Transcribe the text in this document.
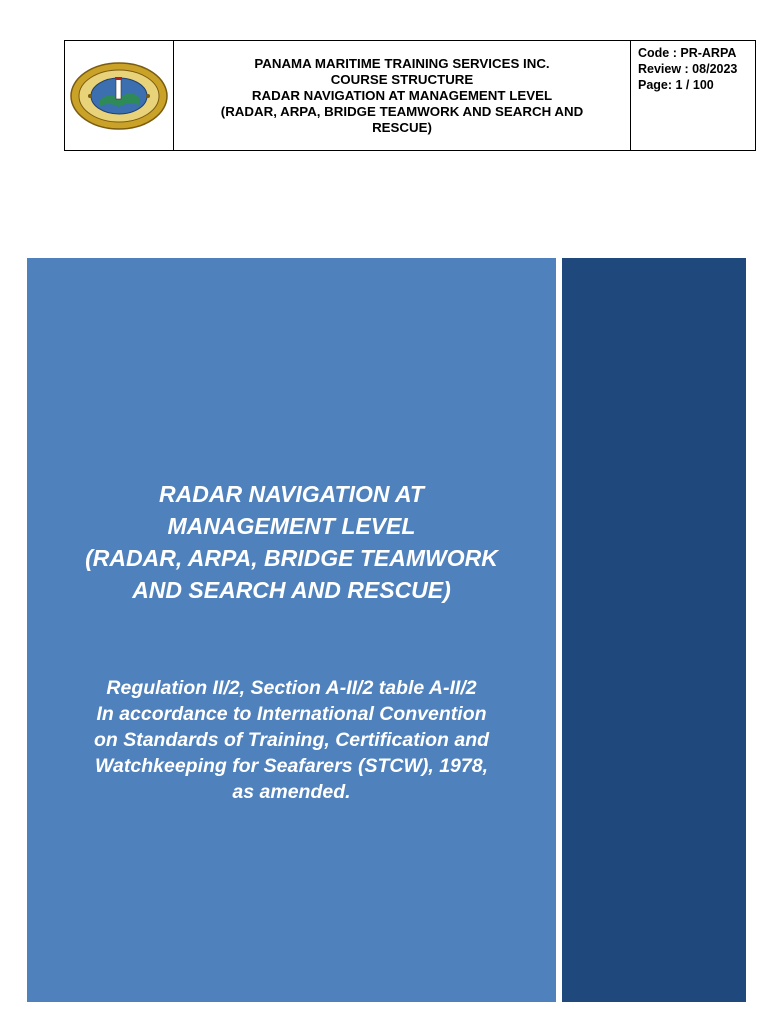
PANAMA MARITIME TRAINING SERVICES INC.
COURSE STRUCTURE
RADAR NAVIGATION AT MANAGEMENT LEVEL
(RADAR, ARPA, BRIDGE TEAMWORK AND SEARCH AND
RESCUE)
Code : PR-ARPA
Review : 08/2023
Page: 1 / 100
RADAR NAVIGATION AT
MANAGEMENT LEVEL
(RADAR, ARPA, BRIDGE TEAMWORK
AND SEARCH AND RESCUE)
Regulation II/2, Section A-II/2 table A-II/2
In accordance to International Convention
on Standards of Training, Certification and
Watchkeeping for Seafarers (STCW), 1978,
as amended.
